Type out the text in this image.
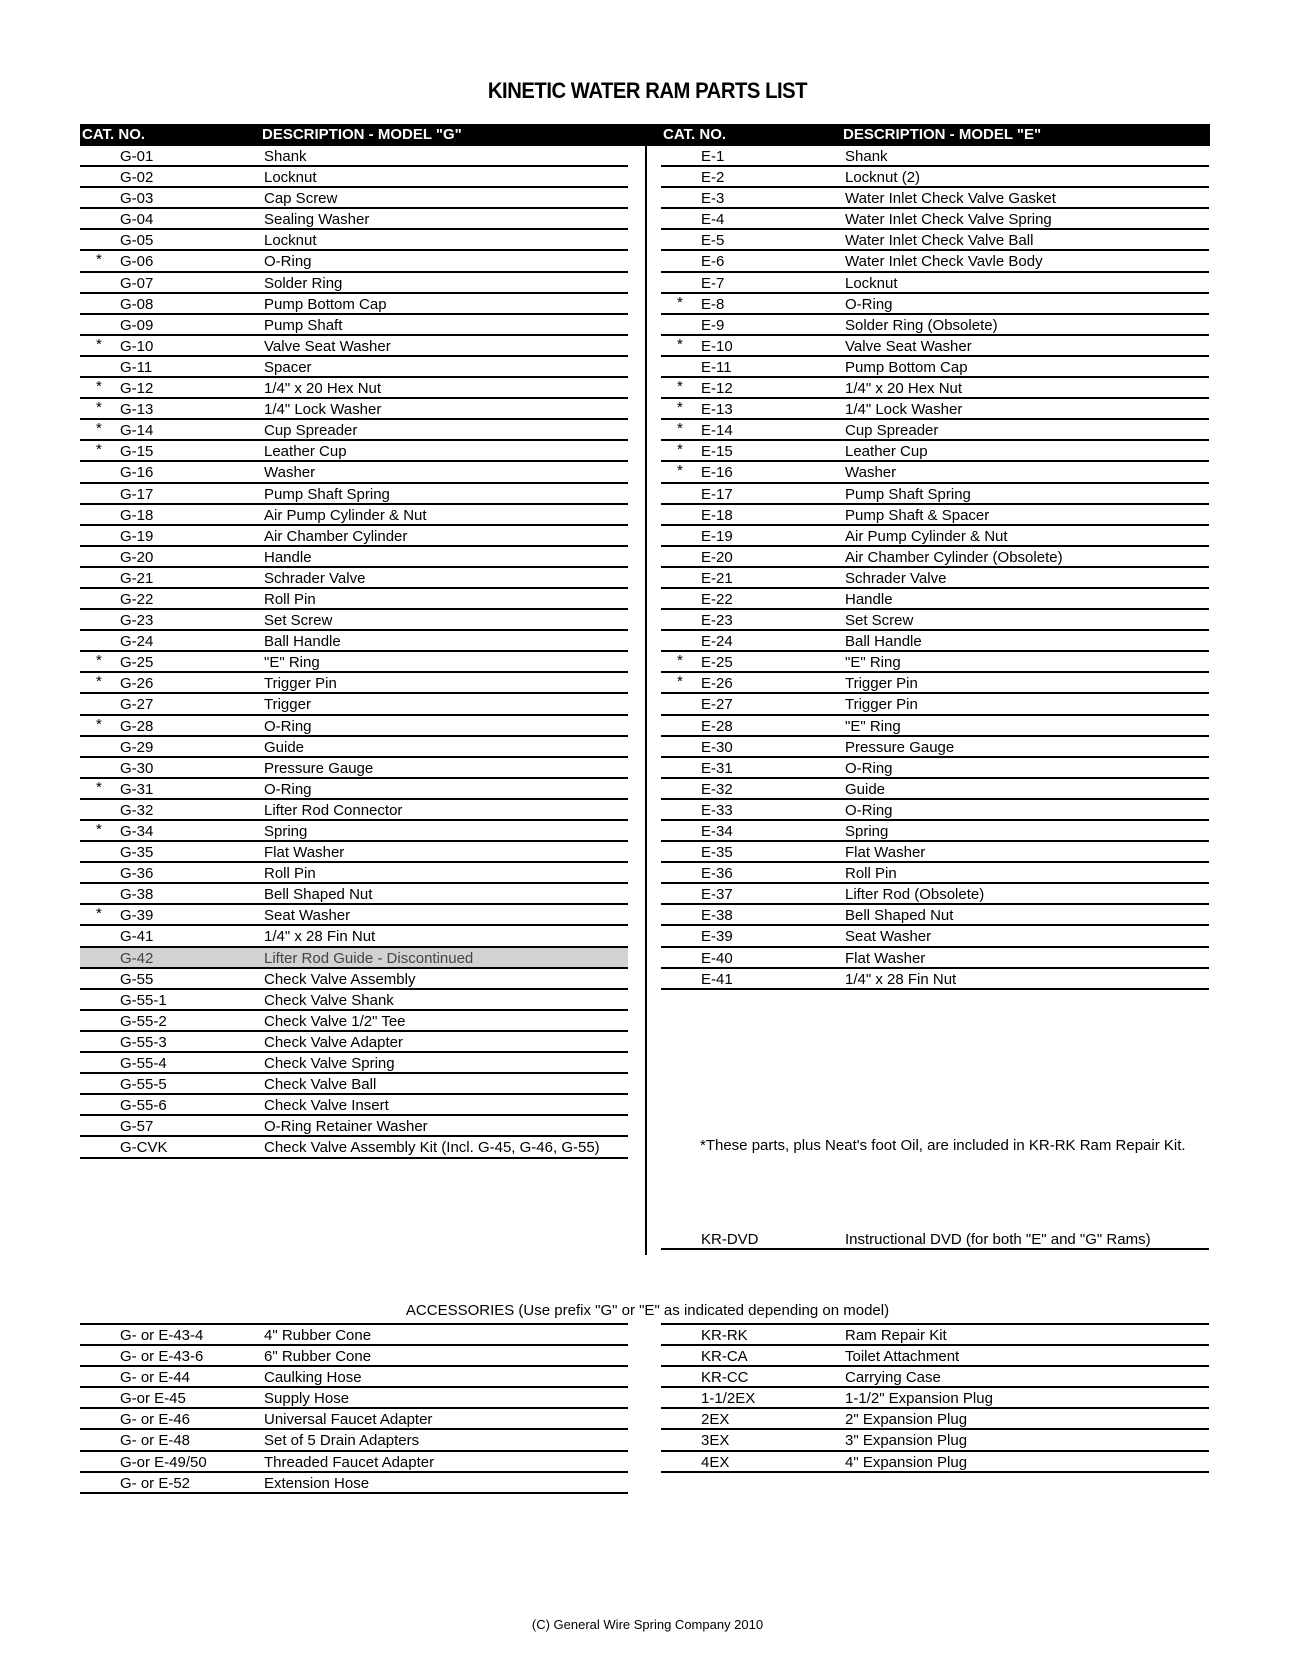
KINETIC WATER RAM PARTS LIST
CAT. NO.	DESCRIPTION - MODEL "G"
G-01	Shank
G-02	Locknut
G-03	Cap Screw
G-04	Sealing Washer
G-05	Locknut
* G-06	O-Ring
G-07	Solder Ring
G-08	Pump Bottom Cap
G-09	Pump Shaft
* G-10	Valve Seat Washer
G-11	Spacer
* G-12	1/4" x 20 Hex Nut
* G-13	1/4" Lock Washer
* G-14	Cup Spreader
* G-15	Leather Cup
G-16	Washer
G-17	Pump Shaft Spring
G-18	Air Pump Cylinder & Nut
G-19	Air Chamber Cylinder
G-20	Handle
G-21	Schrader Valve
G-22	Roll Pin
G-23	Set Screw
G-24	Ball Handle
* G-25	"E" Ring
* G-26	Trigger Pin
G-27	Trigger
* G-28	O-Ring
G-29	Guide
G-30	Pressure Gauge
* G-31	O-Ring
G-32	Lifter Rod Connector
* G-34	Spring
G-35	Flat Washer
G-36	Roll Pin
G-38	Bell Shaped Nut
* G-39	Seat Washer
G-41	1/4" x 28 Fin Nut
G-42	Lifter Rod Guide - Discontinued
G-55	Check Valve Assembly
G-55-1	Check Valve Shank
G-55-2	Check Valve 1/2" Tee
G-55-3	Check Valve Adapter
G-55-4	Check Valve Spring
G-55-5	Check Valve Ball
G-55-6	Check Valve Insert
G-57	O-Ring Retainer Washer
G-CVK	Check Valve Assembly Kit (Incl. G-45, G-46, G-55)
CAT. NO.	DESCRIPTION - MODEL "E"
E-1	Shank
E-2	Locknut (2)
E-3	Water Inlet Check Valve Gasket
E-4	Water Inlet Check Valve Spring
E-5	Water Inlet Check Valve Ball
E-6	Water Inlet Check Vavle Body
E-7	Locknut
* E-8	O-Ring
E-9	Solder Ring (Obsolete)
* E-10	Valve Seat Washer
E-11	Pump Bottom Cap
* E-12	1/4" x 20 Hex Nut
* E-13	1/4" Lock Washer
* E-14	Cup Spreader
* E-15	Leather Cup
* E-16	Washer
E-17	Pump Shaft Spring
E-18	Pump Shaft & Spacer
E-19	Air Pump Cylinder & Nut
E-20	Air Chamber Cylinder (Obsolete)
E-21	Schrader Valve
E-22	Handle
E-23	Set Screw
E-24	Ball Handle
* E-25	"E" Ring
* E-26	Trigger Pin
E-27	Trigger Pin
E-28	"E" Ring
E-30	Pressure Gauge
E-31	O-Ring
E-32	Guide
E-33	O-Ring
E-34	Spring
E-35	Flat Washer
E-36	Roll Pin
E-37	Lifter Rod (Obsolete)
E-38	Bell Shaped Nut
E-39	Seat Washer
E-40	Flat Washer
E-41	1/4" x 28 Fin Nut
*These parts, plus Neat's foot Oil, are included in KR-RK Ram Repair Kit.
KR-DVD	Instructional DVD (for both "E" and "G" Rams)
ACCESSORIES (Use prefix "G" or "E" as indicated depending on model)
G- or E-43-4	4" Rubber Cone
G- or E-43-6	6" Rubber Cone
G- or E-44	Caulking Hose
G-or E-45	Supply Hose
G- or E-46	Universal Faucet Adapter
G- or E-48	Set of 5 Drain Adapters
G-or E-49/50	Threaded Faucet Adapter
G- or E-52	Extension Hose
KR-RK	Ram Repair Kit
KR-CA	Toilet Attachment
KR-CC	Carrying Case
1-1/2EX	1-1/2" Expansion Plug
2EX	2" Expansion Plug
3EX	3" Expansion Plug
4EX	4" Expansion Plug
(C) General Wire Spring Company 2010
